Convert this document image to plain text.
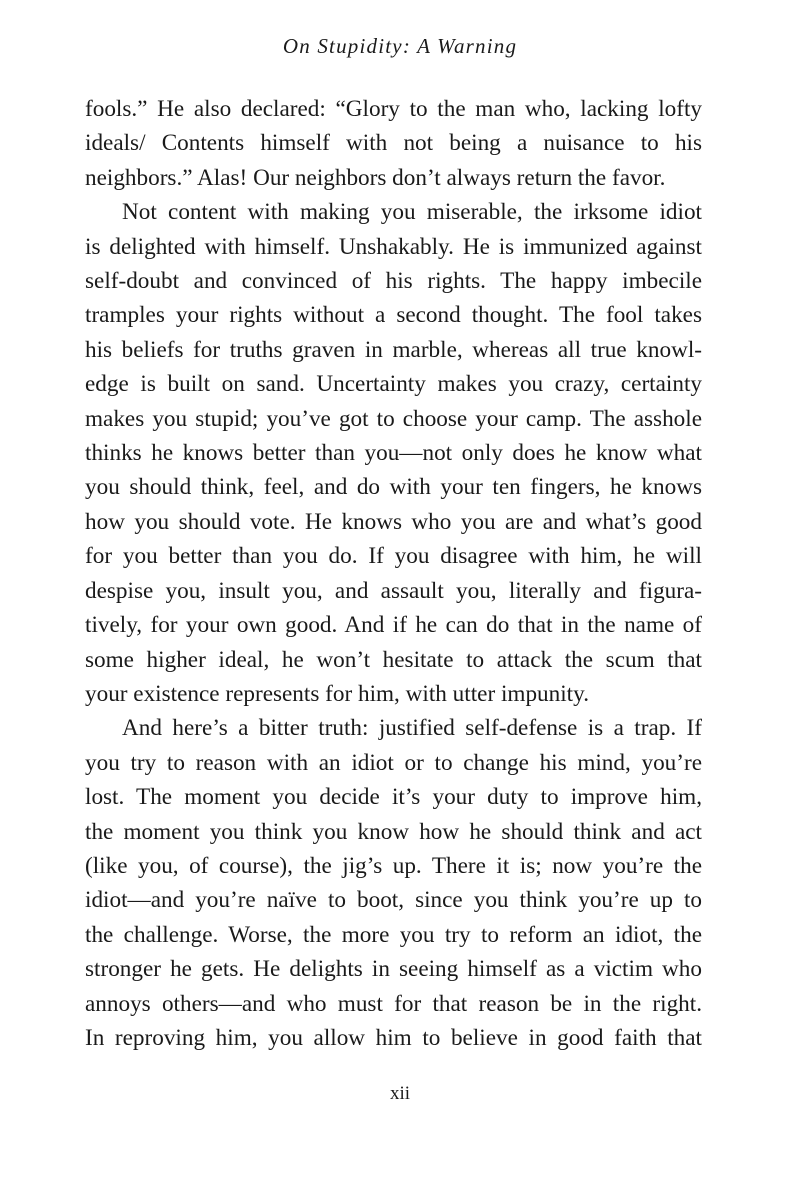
On Stupidity: A Warning
fools.” He also declared: “Glory to the man who, lacking lofty
ideals/ Contents himself with not being a nuisance to his
neighbors.” Alas! Our neighbors don’t always return the favor.
Not content with making you miserable, the irksome idiot
is delighted with himself. Unshakably. He is immunized against
self-doubt and convinced of his rights. The happy imbecile
tramples your rights without a second thought. The fool takes
his beliefs for truths graven in marble, whereas all true knowl-
edge is built on sand. Uncertainty makes you crazy, certainty
makes you stupid; you’ve got to choose your camp. The asshole
thinks he knows better than you—not only does he know what
you should think, feel, and do with your ten fingers, he knows
how you should vote. He knows who you are and what’s good
for you better than you do. If you disagree with him, he will
despise you, insult you, and assault you, literally and figura-
tively, for your own good. And if he can do that in the name of
some higher ideal, he won’t hesitate to attack the scum that
your existence represents for him, with utter impunity.
And here’s a bitter truth: justified self-defense is a trap. If
you try to reason with an idiot or to change his mind, you’re
lost. The moment you decide it’s your duty to improve him,
the moment you think you know how he should think and act
(like you, of course), the jig’s up. There it is; now you’re the
idiot—and you’re naïve to boot, since you think you’re up to
the challenge. Worse, the more you try to reform an idiot, the
stronger he gets. He delights in seeing himself as a victim who
annoys others—and who must for that reason be in the right.
In reproving him, you allow him to believe in good faith that
xii
